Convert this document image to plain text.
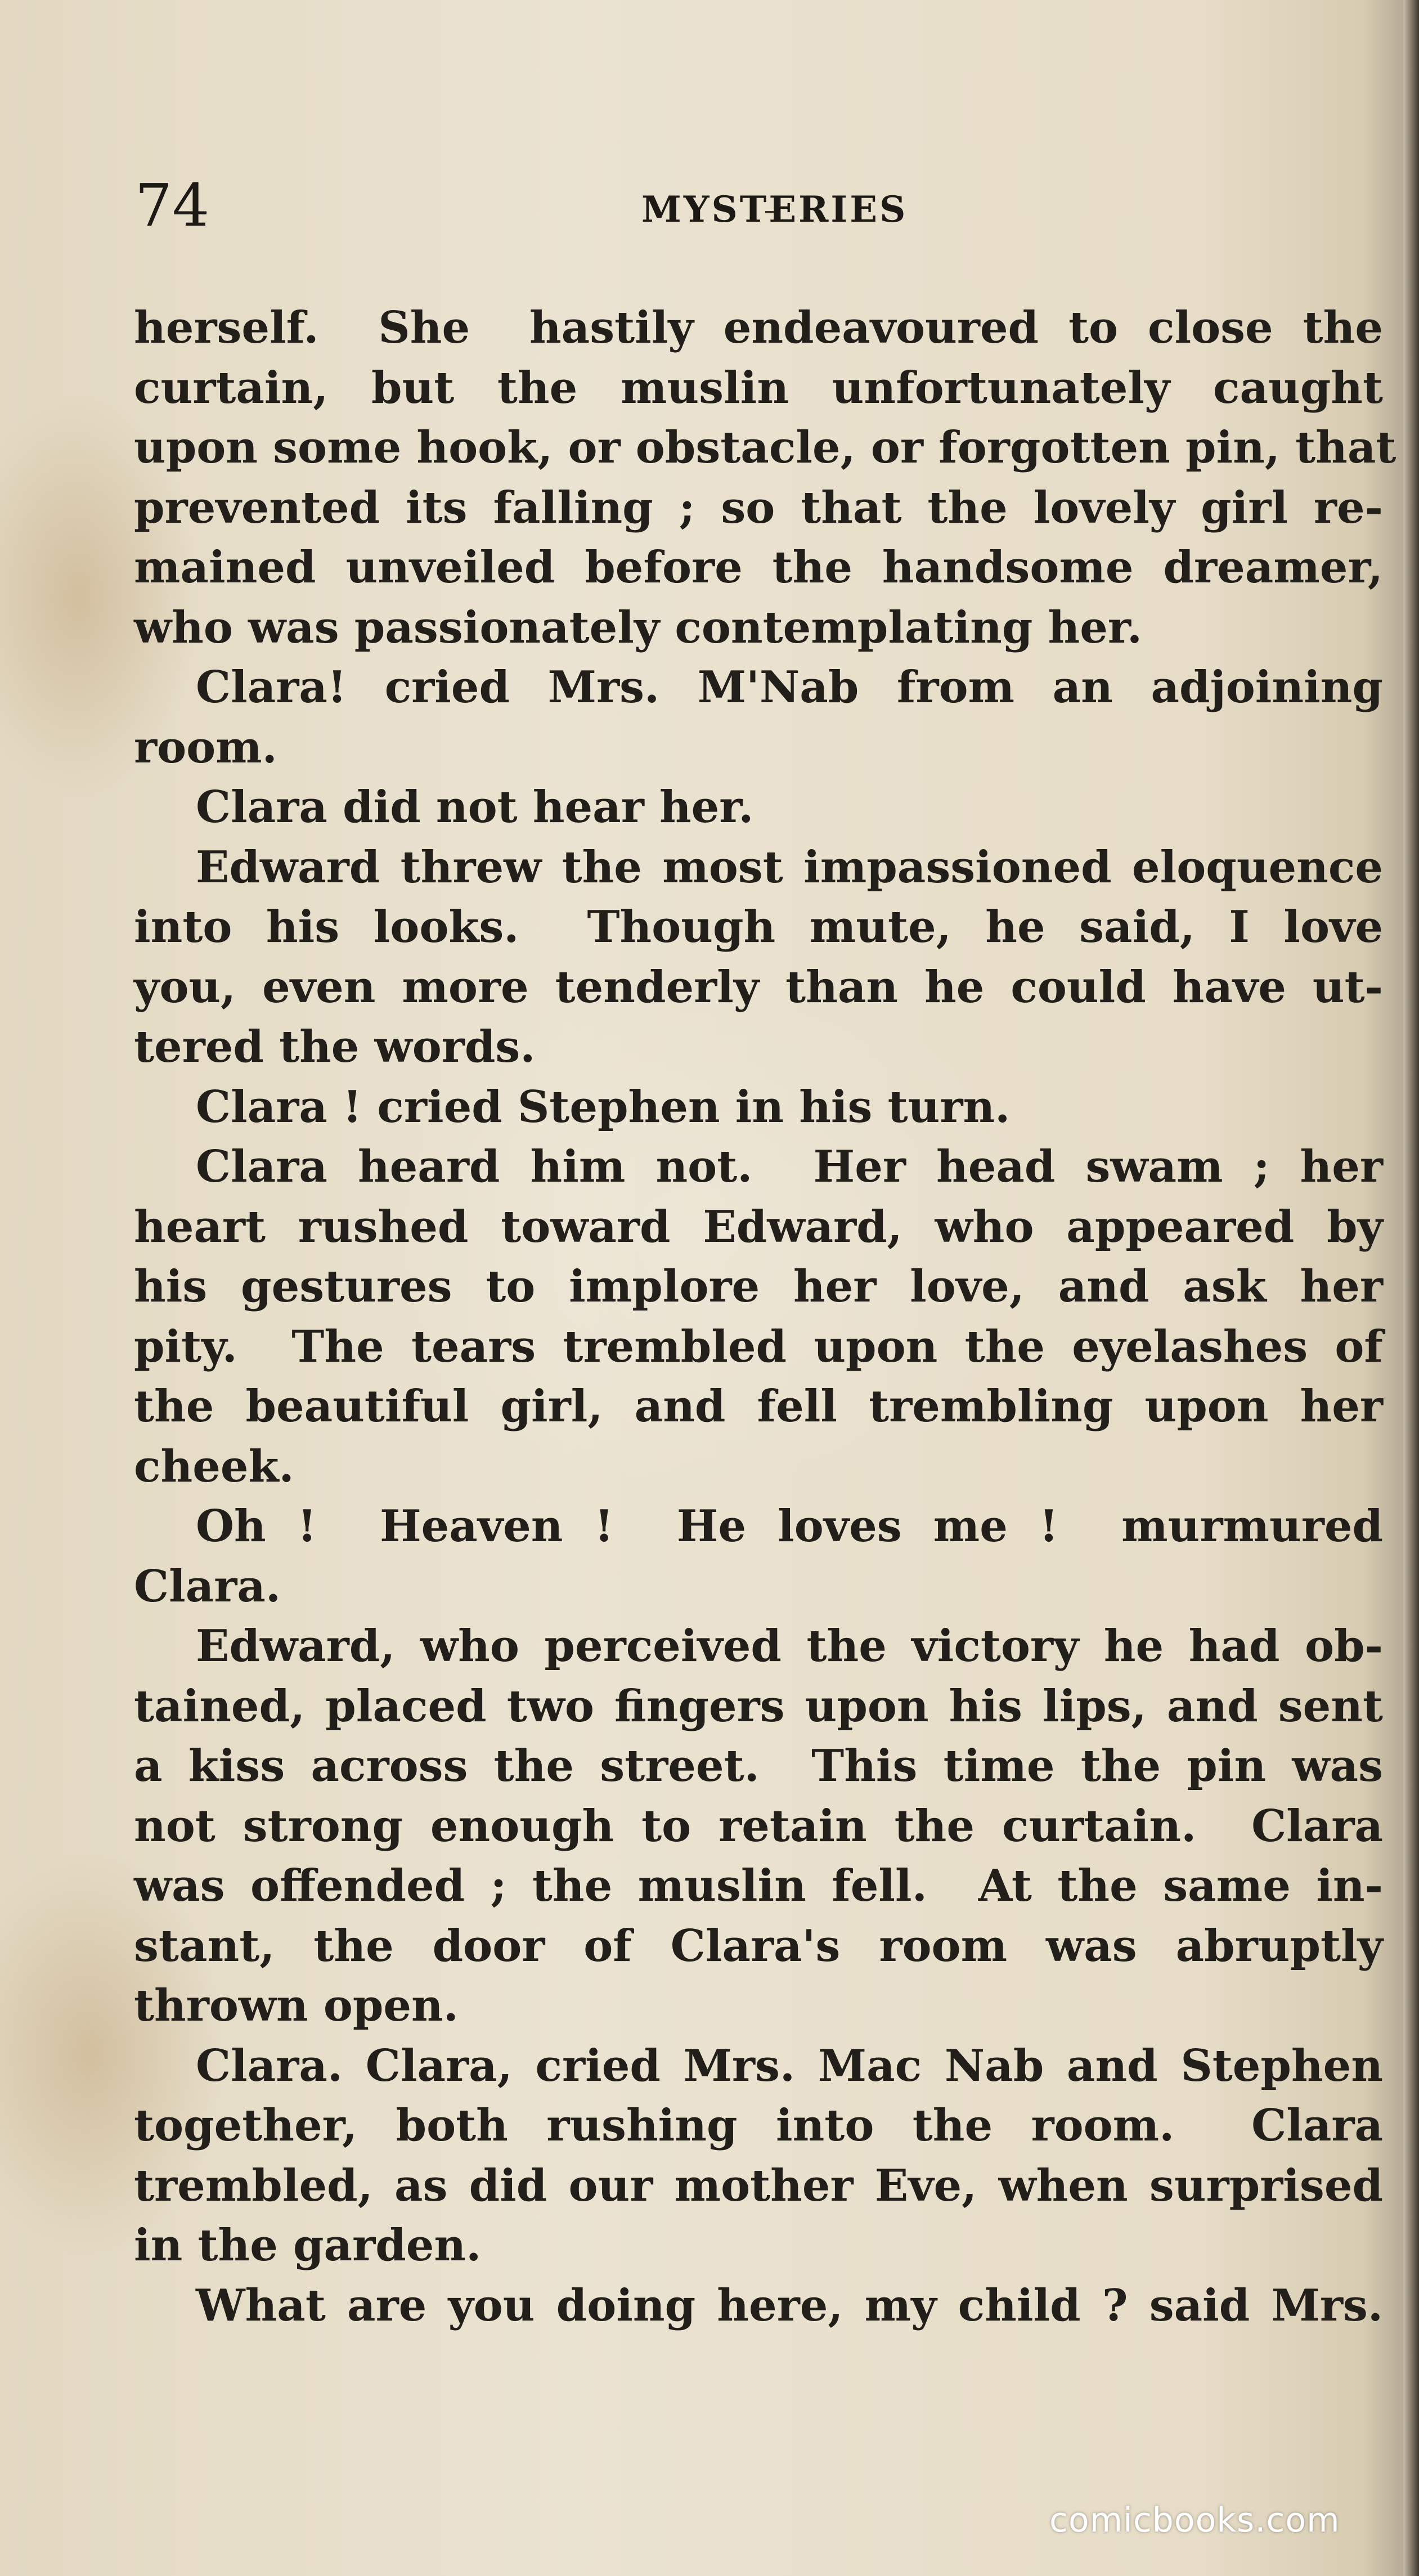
74	MYSTERIES
herself.  She  hastily endeavoured to close the
curtain, but the muslin unfortunately caught
upon some hook, or obstacle, or forgotten pin, that
prevented its falling ; so that the lovely girl re-
mained unveiled before the handsome dreamer,
who was passionately contemplating her.
Clara!  cried  Mrs.  M'Nab  from  an  adjoining
room.
Clara did not hear her.
Edward threw the most impassioned eloquence
into his looks.  Though mute, he said, I love
you, even more tenderly than he could have ut-
tered the words.
Clara ! cried Stephen in his turn.
Clara heard him not.  Her head swam ; her
heart rushed toward Edward, who appeared by
his gestures to implore her love, and ask her
pity.  The tears trembled upon the eyelashes of
the beautiful girl, and fell trembling upon her
cheek.
Oh !  Heaven !  He loves me !  murmured
Clara.
Edward, who perceived the victory he had ob-
tained, placed two fingers upon his lips, and sent
a kiss across the street.  This time the pin was
not strong enough to retain the curtain.  Clara
was offended ; the muslin fell.  At the same in-
stant, the door of Clara's room was abruptly
thrown open.
Clara. Clara, cried Mrs. Mac Nab and Stephen
together, both rushing into the room.  Clara
trembled, as did our mother Eve, when surprised
in the garden.
What are you doing here, my child ? said Mrs.
comicbooks.com
